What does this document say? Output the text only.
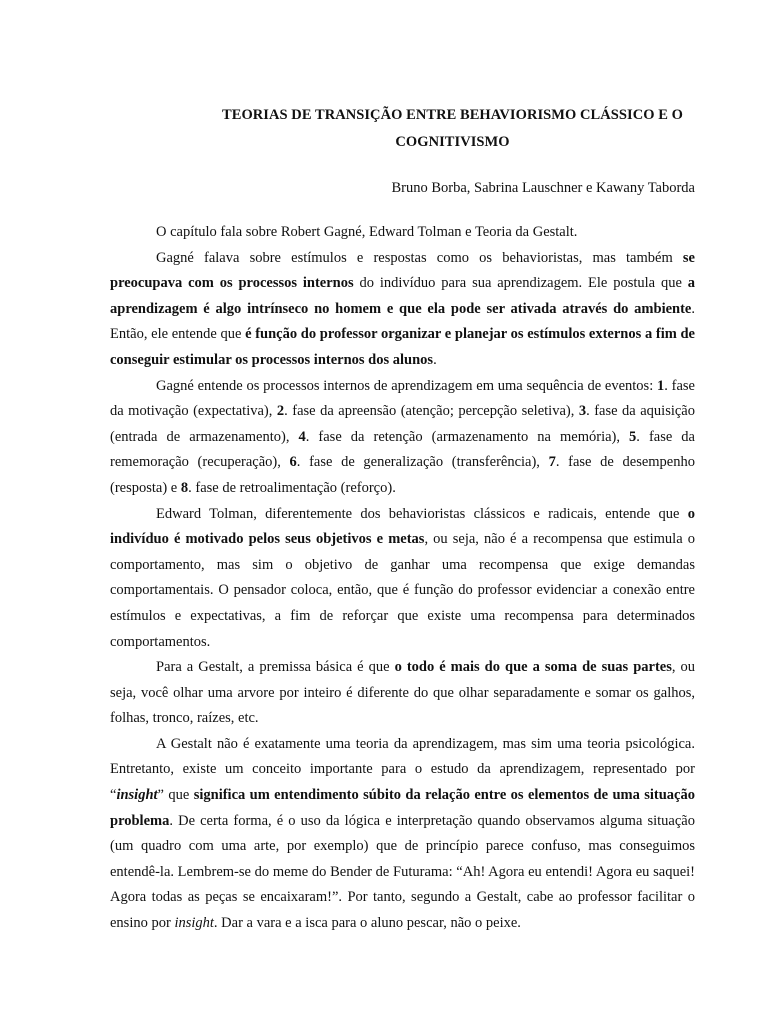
TEORIAS DE TRANSIÇÃO ENTRE BEHAVIORISMO CLÁSSICO E O
COGNITIVISMO

Bruno Borba, Sabrina Lauschner e Kawany Taborda

O capítulo fala sobre Robert Gagné, Edward Tolman e Teoria da Gestalt.

Gagné falava sobre estímulos e respostas como os behavioristas, mas também se preocupava com os processos internos do indivíduo para sua aprendizagem. Ele postula que a aprendizagem é algo intrínseco no homem e que ela pode ser ativada através do ambiente. Então, ele entende que é função do professor organizar e planejar os estímulos externos a fim de conseguir estimular os processos internos dos alunos.

Gagné entende os processos internos de aprendizagem em uma sequência de eventos: 1. fase da motivação (expectativa), 2. fase da apreensão (atenção; percepção seletiva), 3. fase da aquisição (entrada de armazenamento), 4. fase da retenção (armazenamento na memória), 5. fase da rememoração (recuperação), 6. fase de generalização (transferência), 7. fase de desempenho (resposta) e 8. fase de retroalimentação (reforço).

Edward Tolman, diferentemente dos behavioristas clássicos e radicais, entende que o indivíduo é motivado pelos seus objetivos e metas, ou seja, não é a recompensa que estimula o comportamento, mas sim o objetivo de ganhar uma recompensa que exige demandas comportamentais. O pensador coloca, então, que é função do professor evidenciar a conexão entre estímulos e expectativas, a fim de reforçar que existe uma recompensa para determinados comportamentos.

Para a Gestalt, a premissa básica é que o todo é mais do que a soma de suas partes, ou seja, você olhar uma arvore por inteiro é diferente do que olhar separadamente e somar os galhos, folhas, tronco, raízes, etc.

A Gestalt não é exatamente uma teoria da aprendizagem, mas sim uma teoria psicológica. Entretanto, existe um conceito importante para o estudo da aprendizagem, representado por “insight” que significa um entendimento súbito da relação entre os elementos de uma situação problema. De certa forma, é o uso da lógica e interpretação quando observamos alguma situação (um quadro com uma arte, por exemplo) que de princípio parece confuso, mas conseguimos entendê-la. Lembrem-se do meme do Bender de Futurama: “Ah! Agora eu entendi! Agora eu saquei! Agora todas as peças se encaixaram!”. Por tanto, segundo a Gestalt, cabe ao professor facilitar o ensino por insight. Dar a vara e a isca para o aluno pescar, não o peixe.
